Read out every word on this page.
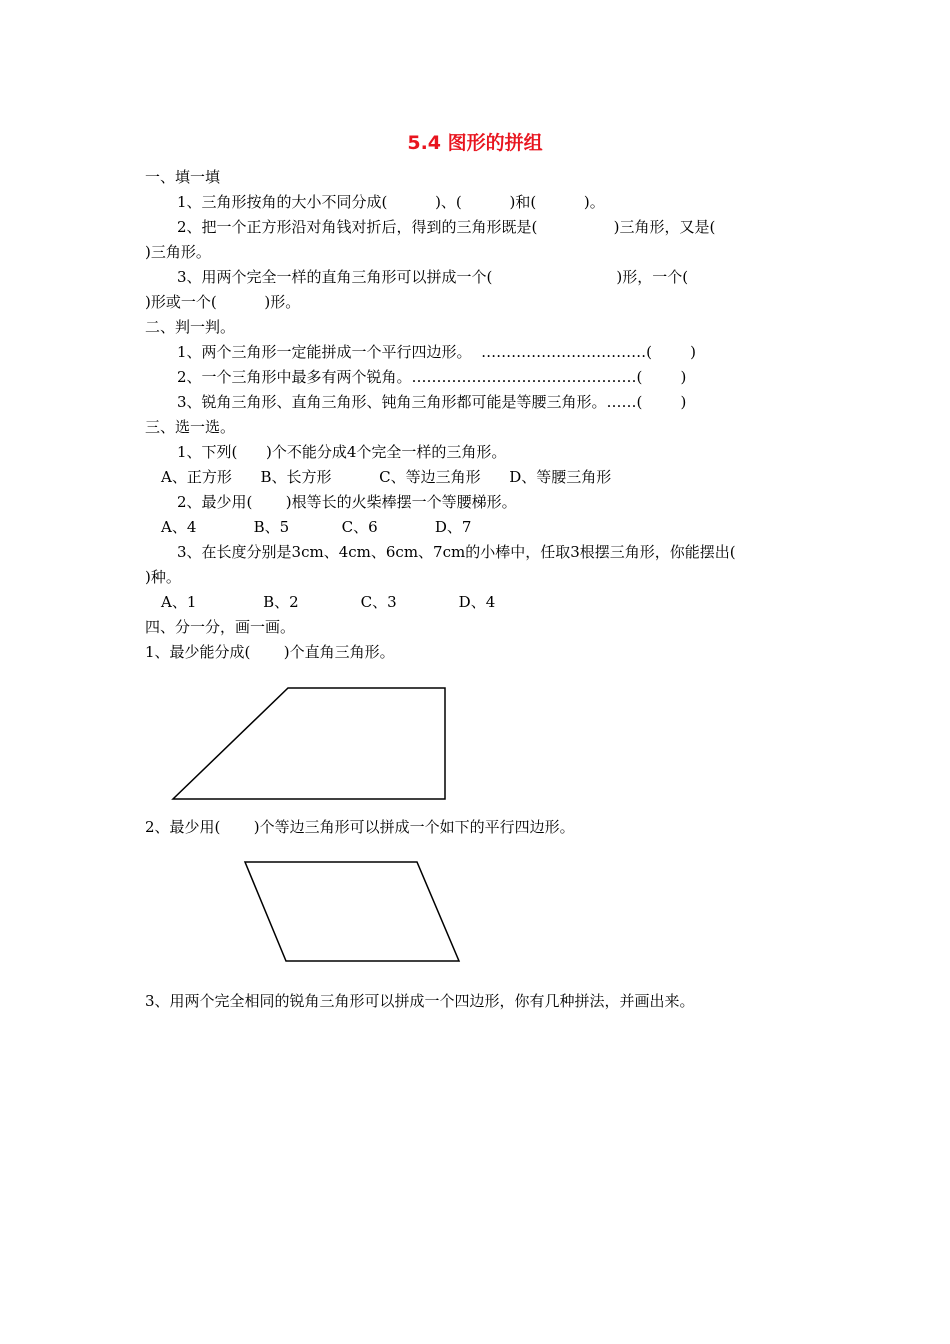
5.4 图形的拼组
一、填一填
1、三角形按角的大小不同分成(          )、(          )和(          )。
2、把一个正方形沿对角钱对折后，得到的三角形既是(                )三角形，又是(
)三角形。
3、用两个完全一样的直角三角形可以拼成一个(                          )形，一个(
)形或一个(          )形。
二、判一判。
1、两个三角形一定能拼成一个平行四边形。  ……………………………(        )
2、一个三角形中最多有两个锐角。………………………………………(        )
3、锐角三角形、直角三角形、钝角三角形都可能是等腰三角形。……(        )
三、选一选。
1、下列(      )个不能分成4个完全一样的三角形。
A、正方形      B、长方形          C、等边三角形      D、等腰三角形
2、最少用(       )根等长的火柴棒摆一个等腰梯形。
A、4            B、5           C、6            D、7
3、在长度分别是3cm、4cm、6cm、7cm的小棒中，任取3根摆三角形，你能摆出(
)种。
A、1              B、2             C、3             D、4
四、分一分，画一画。
1、最少能分成(       )个直角三角形。
2、最少用(       )个等边三角形可以拼成一个如下的平行四边形。
3、用两个完全相同的锐角三角形可以拼成一个四边形，你有几种拼法，并画出来。
